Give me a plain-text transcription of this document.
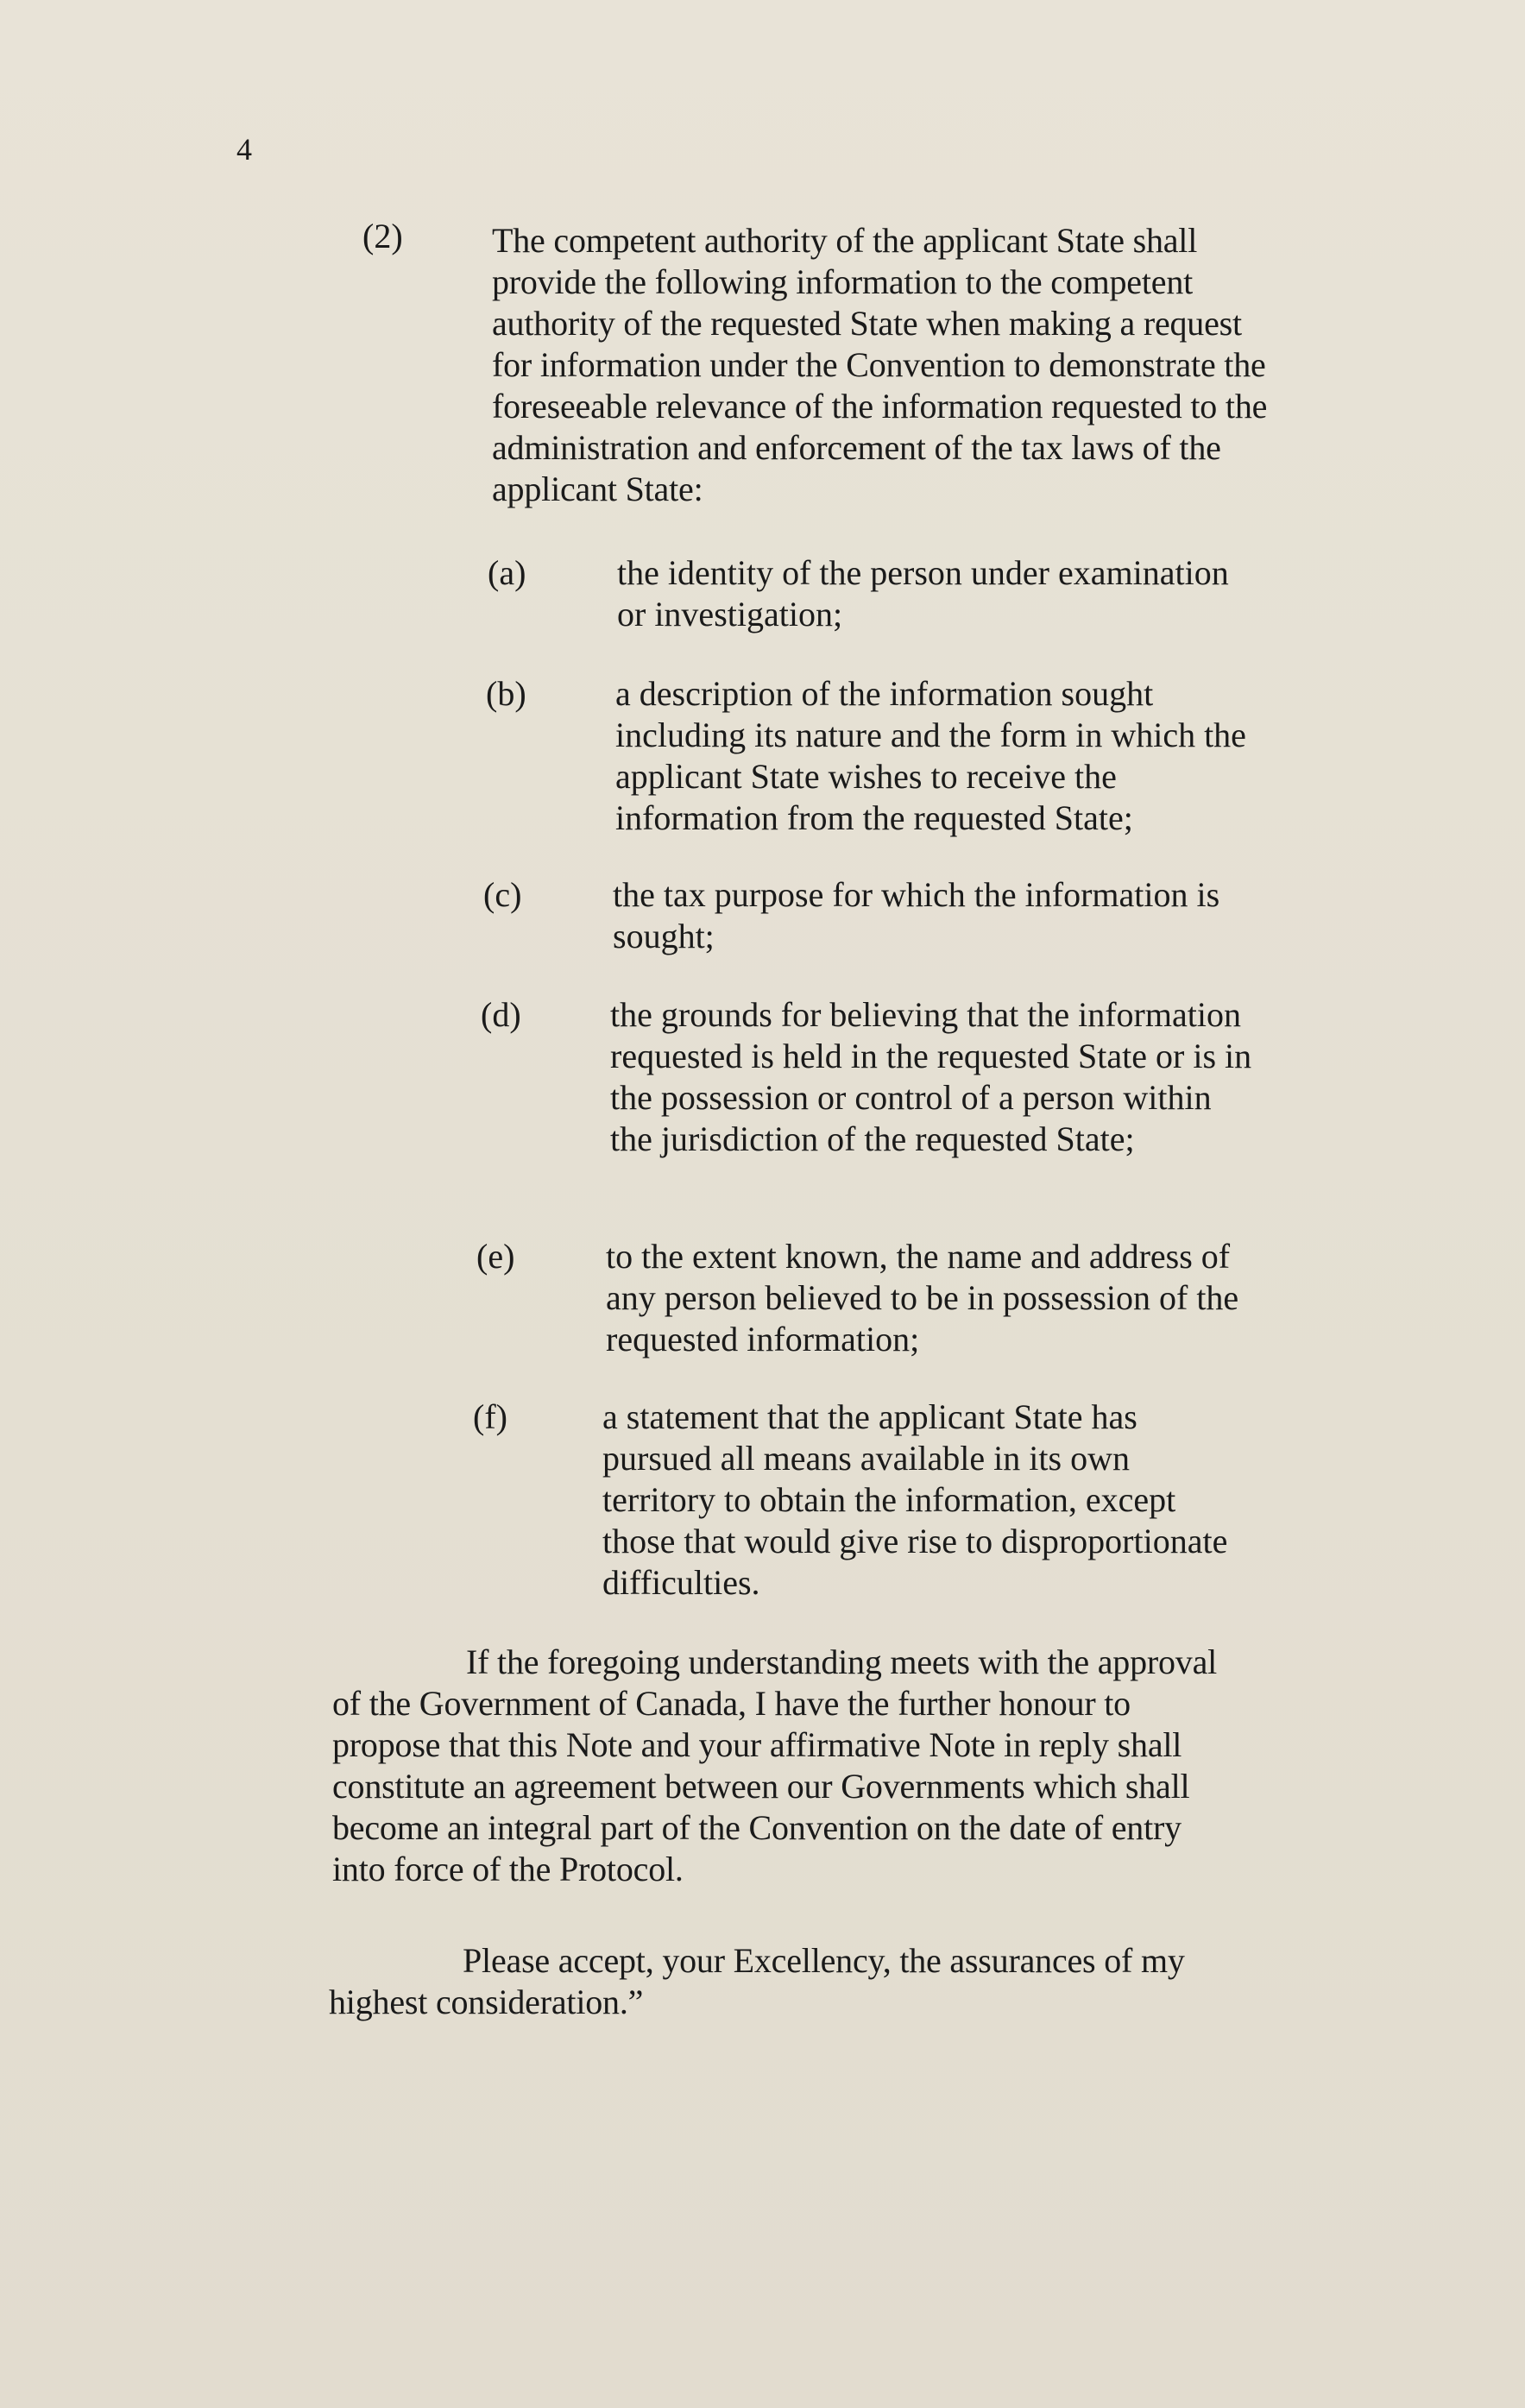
4
(2)	The competent authority of the applicant State shall provide the following information to the competent authority of the requested State when making a request for information under the Convention to demonstrate the foreseeable relevance of the information requested to the administration and enforcement of the tax laws of the applicant State:
(a)	the identity of the person under examination or investigation;
(b)	a description of the information sought including its nature and the form in which the applicant State wishes to receive the information from the requested State;
(c)	the tax purpose for which the information is sought;
(d)	the grounds for believing that the information requested is held in the requested State or is in the possession or control of a person within the jurisdiction of the requested State;
(e)	to the extent known, the name and address of any person believed to be in possession of the requested information;
(f)	a statement that the applicant State has pursued all means available in its own territory to obtain the information, except those that would give rise to disproportionate difficulties.
If the foregoing understanding meets with the approval of the Government of Canada, I have the further honour to propose that this Note and your affirmative Note in reply shall constitute an agreement between our Governments which shall become an integral part of the Convention on the date of entry into force of the Protocol.
Please accept, your Excellency, the assurances of my highest consideration.”
